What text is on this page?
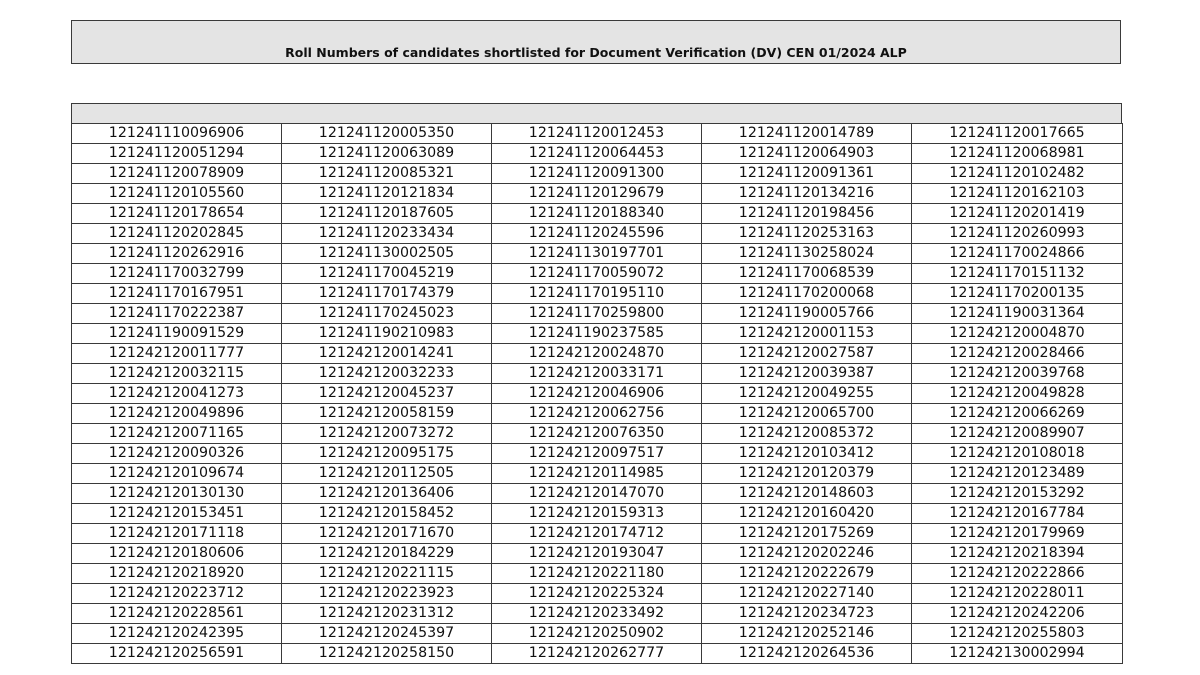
Roll Numbers of candidates shortlisted for Document Verification (DV) CEN 01/2024 ALP
121241110096906	121241120005350	121241120012453	121241120014789	121241120017665
121241120051294	121241120063089	121241120064453	121241120064903	121241120068981
121241120078909	121241120085321	121241120091300	121241120091361	121241120102482
121241120105560	121241120121834	121241120129679	121241120134216	121241120162103
121241120178654	121241120187605	121241120188340	121241120198456	121241120201419
121241120202845	121241120233434	121241120245596	121241120253163	121241120260993
121241120262916	121241130002505	121241130197701	121241130258024	121241170024866
121241170032799	121241170045219	121241170059072	121241170068539	121241170151132
121241170167951	121241170174379	121241170195110	121241170200068	121241170200135
121241170222387	121241170245023	121241170259800	121241190005766	121241190031364
121241190091529	121241190210983	121241190237585	121242120001153	121242120004870
121242120011777	121242120014241	121242120024870	121242120027587	121242120028466
121242120032115	121242120032233	121242120033171	121242120039387	121242120039768
121242120041273	121242120045237	121242120046906	121242120049255	121242120049828
121242120049896	121242120058159	121242120062756	121242120065700	121242120066269
121242120071165	121242120073272	121242120076350	121242120085372	121242120089907
121242120090326	121242120095175	121242120097517	121242120103412	121242120108018
121242120109674	121242120112505	121242120114985	121242120120379	121242120123489
121242120130130	121242120136406	121242120147070	121242120148603	121242120153292
121242120153451	121242120158452	121242120159313	121242120160420	121242120167784
121242120171118	121242120171670	121242120174712	121242120175269	121242120179969
121242120180606	121242120184229	121242120193047	121242120202246	121242120218394
121242120218920	121242120221115	121242120221180	121242120222679	121242120222866
121242120223712	121242120223923	121242120225324	121242120227140	121242120228011
121242120228561	121242120231312	121242120233492	121242120234723	121242120242206
121242120242395	121242120245397	121242120250902	121242120252146	121242120255803
121242120256591	121242120258150	121242120262777	121242120264536	121242130002994
